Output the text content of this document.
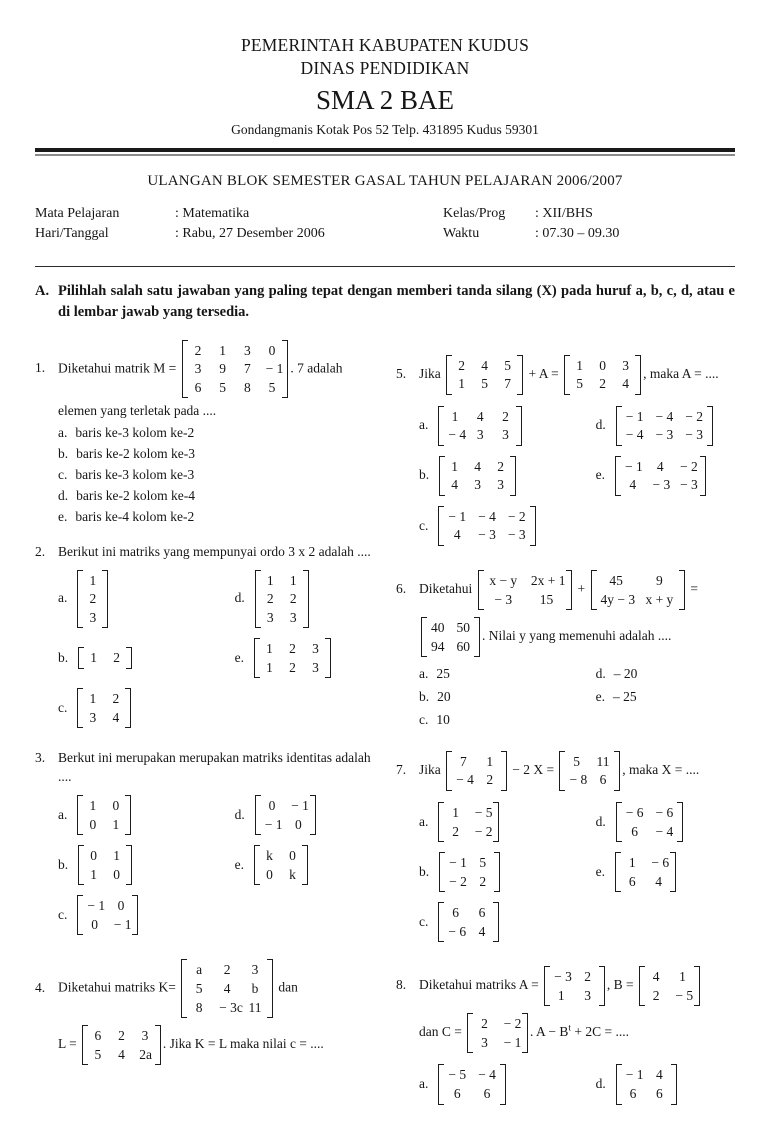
PEMERINTAH KABUPATEN KUDUS
DINAS PENDIDIKAN
SMA 2 BAE
Gondangmanis Kotak Pos 52 Telp. 431895 Kudus 59301
ULANGAN BLOK SEMESTER GASAL TAHUN PELAJARAN 2006/2007
Mata Pelajaran	: Matematika	Kelas/Prog	: XII/BHS
Hari/Tanggal	: Rabu, 27 Desember 2006	Waktu	: 07.30 – 09.30
A. Pilihlah salah satu jawaban yang paling tepat dengan memberi tanda silang (X) pada huruf a, b, c, d, atau e di lembar jawab yang tersedia.
1. Diketahui matrik M =
2 1 3 0
3 9 7 − 1
6 5 8 5
. 7 adalah
elemen yang terletak pada ....
a. baris ke-3 kolom ke-2
b. baris ke-2 kolom ke-3
c. baris ke-3 kolom ke-3
d. baris ke-2 kolom ke-4
e. baris ke-4 kolom ke-2
2. Berikut ini matriks yang mempunyai ordo 3 x 2 adalah ....
a.
1
2
3
d.
1 1
2 2
3 3
b. 1 2	e.
1 2 3
1 2 3
c.
1 2
3 4
3. Berkut ini merupakan merupakan matriks identitas adalah ....
a.
1 0
0 1
d.
0 − 1
− 1 0
b.
0 1
1 0
e.
k 0
0 k
c.
− 1 0
0 − 1
4. Diketahui matriks K=
a	2	3
5	4	b
8	− 3c 11
dan
L =
6 2 3
5 4 2a
. Jika K = L maka nilai c = ....
5. Jika
2 4 5
1 5 7
+ A =
1 0 3
5 2 4
, maka A = ....
a.
1 4 2
− 4 3 3
d.
− 1 − 4 − 2
− 4 − 3 − 3
b.
1 4 2
4 3 3
e.
− 1	4	− 2
4	− 3 − 3
c.
− 1 − 4 − 2
4	− 3 − 3
6. Diketahui
x − y 2x + 1
− 3	15
+
45	9
4y − 3 x + y
=
40 50
94 60
. Nilai y yang memenuhi adalah ....
a. 25	d. – 20
b. 20	e. – 25
c. 10
7. Jika
7 1
− 4 2
− 2 X =
5 11
− 8 6
, maka X = ....
a.
1 − 5
2 − 2
d.
− 6 − 6
6	− 4
b.
− 1 5
− 2 2
e.
1 − 6
6 4
c.
6 6
− 6 4
8. Diketahui matriks A =
− 3 2
1 3
, B =
4 1
2 − 5
dan C =
2 − 2
3 − 1
. $A - B^t + 2C$ = ....
a.
− 5 − 4
6	6
d.
− 1 4
6 6
